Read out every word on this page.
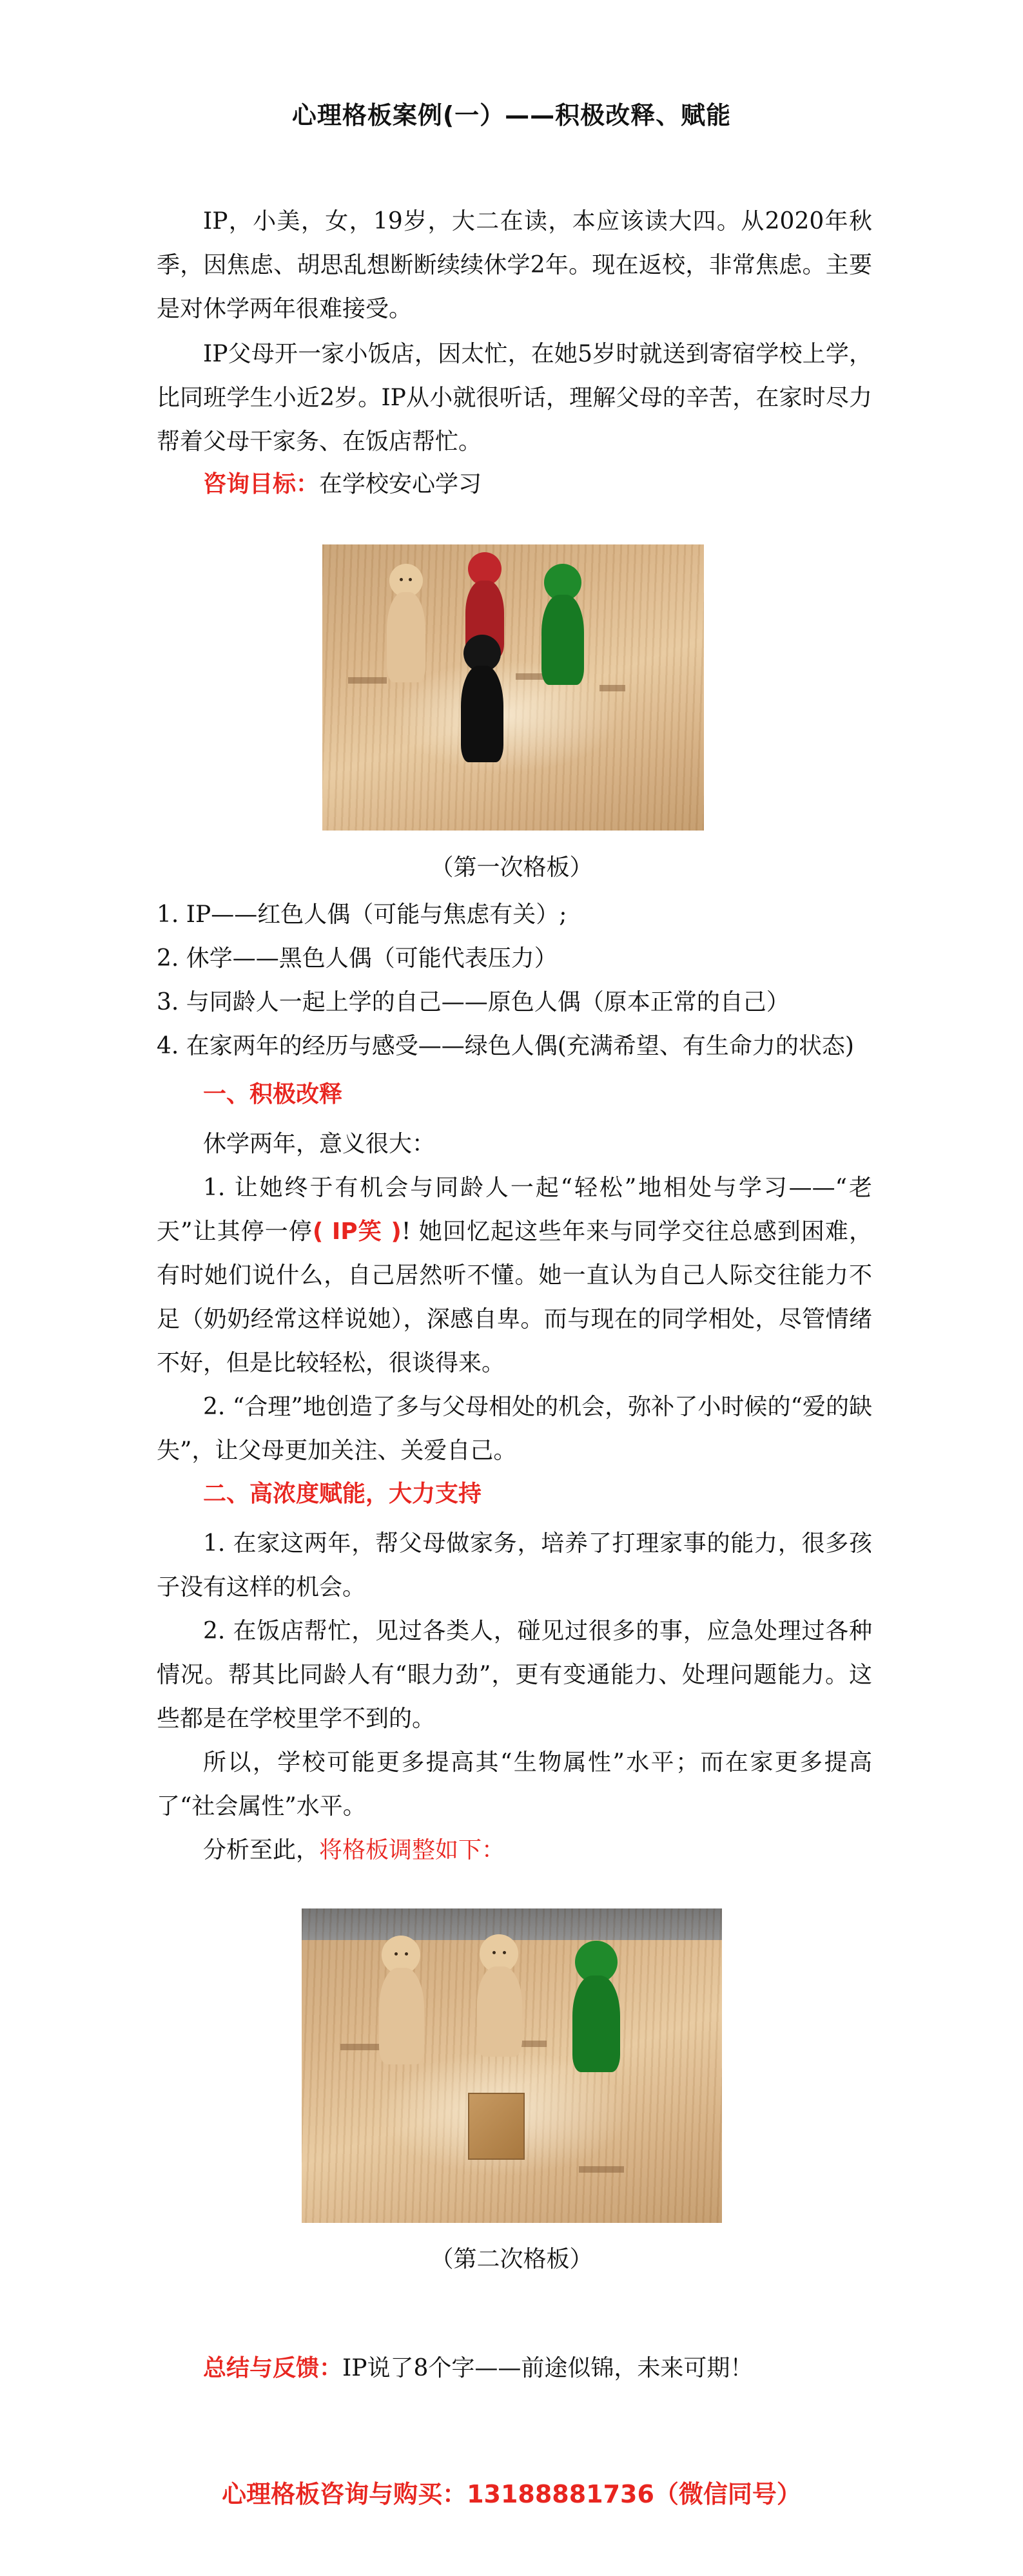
心理格板案例(一）——积极改释、赋能
IP，小美，女，19岁，大二在读，本应该读大四。从2020年秋季，因焦虑、胡思乱想断断续续休学2年。现在返校，非常焦虑。主要是对休学两年很难接受。
IP父母开一家小饭店，因太忙，在她5岁时就送到寄宿学校上学，比同班学生小近2岁。IP从小就很听话，理解父母的辛苦，在家时尽力帮着父母干家务、在饭店帮忙。
咨询目标：在学校安心学习
（第一次格板）
1. IP——红色人偶（可能与焦虑有关）;
2. 休学——黑色人偶（可能代表压力）
3. 与同龄人一起上学的自己——原色人偶（原本正常的自己）
4. 在家两年的经历与感受——绿色人偶(充满希望、有生命力的状态)
一、积极改释
休学两年，意义很大：
1. 让她终于有机会与同龄人一起“轻松”地相处与学习——“老天”让其停一停( IP笑 )! 她回忆起这些年来与同学交往总感到困难，有时她们说什么，自己居然听不懂。她一直认为自己人际交往能力不足（奶奶经常这样说她），深感自卑。而与现在的同学相处，尽管情绪不好，但是比较轻松，很谈得来。
2. “合理”地创造了多与父母相处的机会，弥补了小时候的“爱的缺失”，让父母更加关注、关爱自己。
二、高浓度赋能，大力支持
1. 在家这两年，帮父母做家务，培养了打理家事的能力，很多孩子没有这样的机会。
2. 在饭店帮忙，见过各类人，碰见过很多的事，应急处理过各种情况。帮其比同龄人有“眼力劲”，更有变通能力、处理问题能力。这些都是在学校里学不到的。
所以，学校可能更多提高其“生物属性”水平；而在家更多提高了“社会属性”水平。
分析至此，将格板调整如下：
（第二次格板）
总结与反馈：IP说了8个字——前途似锦，未来可期！
心理格板咨询与购买：13188881736（微信同号）
